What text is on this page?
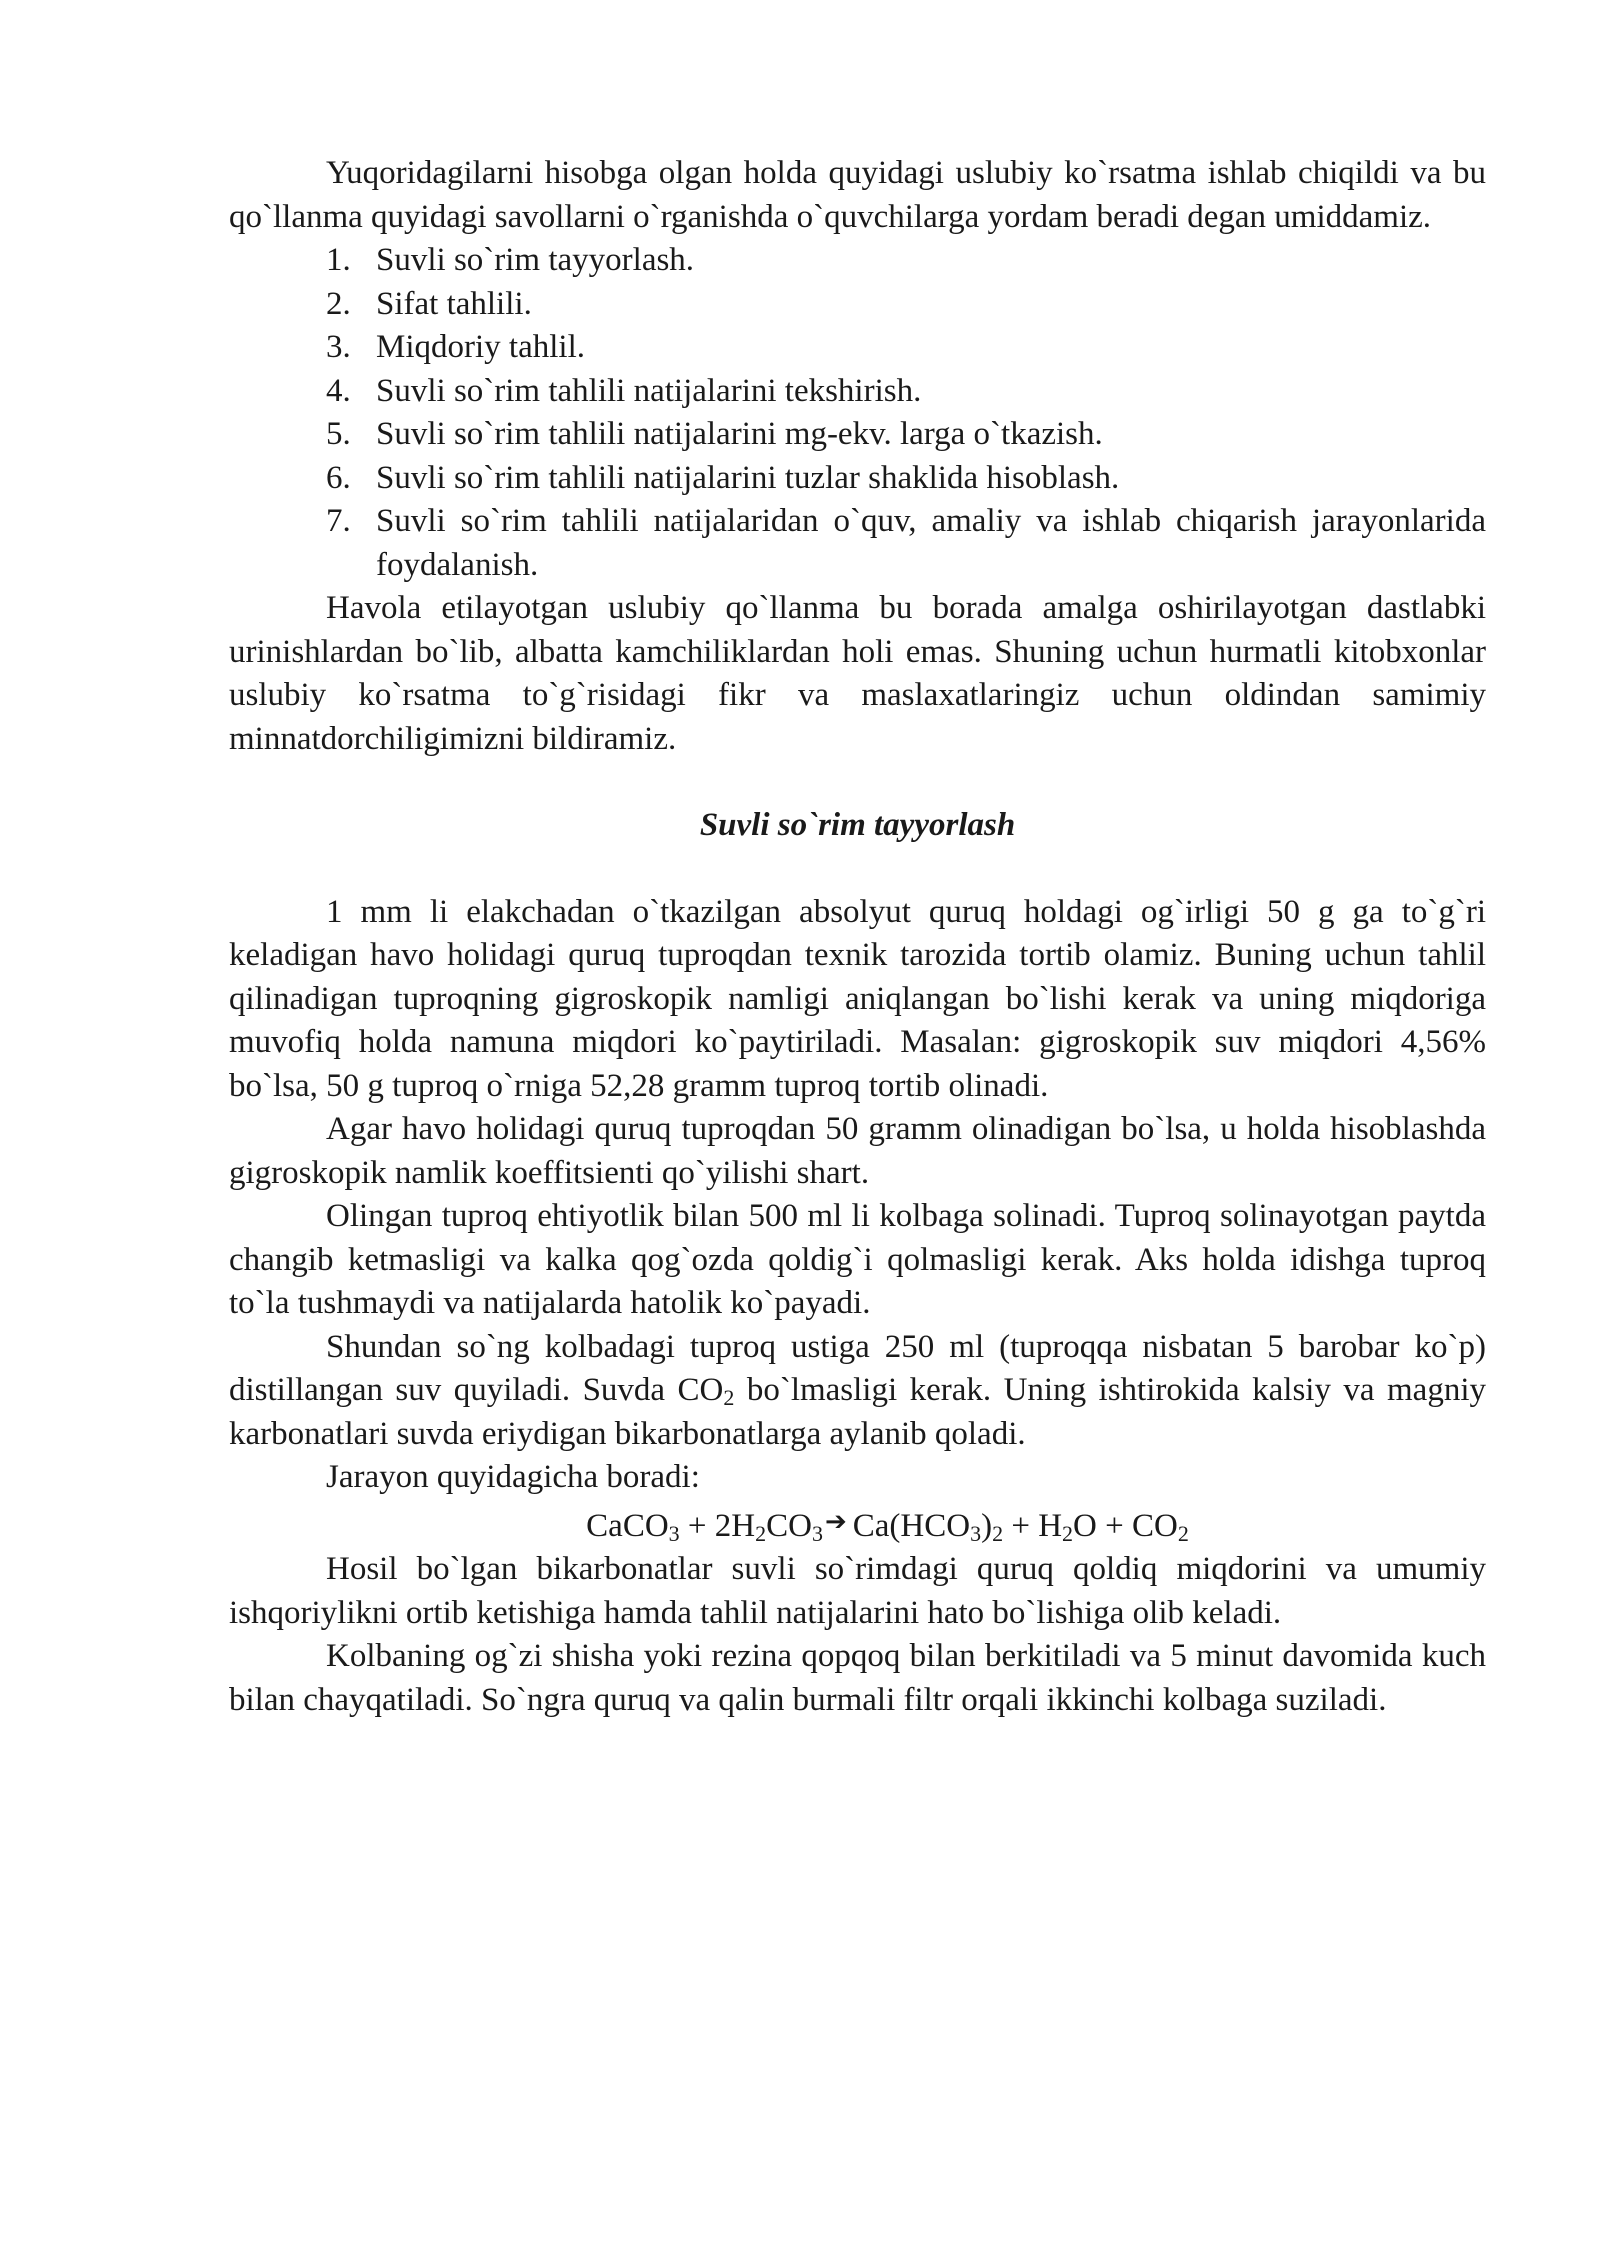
Yuqoridagilarni hisobga olgan holda quyidagi uslubiy ko`rsatma ishlab chiqildi va bu qo`llanma quyidagi savollarni o`rganishda o`quvchilarga yordam beradi degan umiddamiz.

1. Suvli so`rim tayyorlash.
2. Sifat tahlili.
3. Miqdoriy tahlil.
4. Suvli so`rim tahlili natijalarini tekshirish.
5. Suvli so`rim tahlili natijalarini mg-ekv. larga o`tkazish.
6. Suvli so`rim tahlili natijalarini tuzlar shaklida hisoblash.
7. Suvli so`rim tahlili natijalaridan o`quv, amaliy va ishlab chiqarish jarayonlarida foydalanish.

Havola etilayotgan uslubiy qo`llanma bu borada amalga oshirilayotgan dastlabki urinishlardan bo`lib, albatta kamchiliklardan holi emas. Shuning uchun hurmatli kitobxonlar uslubiy ko`rsatma to`g`risidagi fikr va maslaxatlaringiz uchun oldindan samimiy minnatdorchiligimizni bildiramiz.

Suvli so`rim tayyorlash

1 mm li elakchadan o`tkazilgan absolyut quruq holdagi og`irligi 50 g ga to`g`ri keladigan havo holidagi quruq tuproqdan texnik tarozida tortib olamiz. Buning uchun tahlil qilinadigan tuproqning gigroskopik namligi aniqlangan bo`lishi kerak va uning miqdoriga muvofiq holda namuna miqdori ko`paytiriladi. Masalan: gigroskopik suv miqdori 4,56% bo`lsa, 50 g tuproq o`rniga 52,28 gramm tuproq tortib olinadi.

Agar havo holidagi quruq tuproqdan 50 gramm olinadigan bo`lsa, u holda hisoblashda gigroskopik namlik koeffitsienti qo`yilishi shart.

Olingan tuproq ehtiyotlik bilan 500 ml li kolbaga solinadi. Tuproq solinayotgan paytda changib ketmasligi va kalka qog`ozda qoldig`i qolmasligi kerak. Aks holda idishga tuproq to`la tushmaydi va natijalarda hatolik ko`payadi.

Shundan so`ng kolbadagi tuproq ustiga 250 ml (tuproqqa nisbatan 5 barobar ko`p) distillangan suv quyiladi. Suvda $CO_2$ bo`lmasligi kerak. Uning ishtirokida kalsiy va magniy karbonatlari suvda eriydigan bikarbonatlarga aylanib qoladi.

Jarayon quyidagicha boradi:

CaCO$_3$ + $2H_2CO_3➔$ $Ca(HCO_3)_2 + H_2O + CO_2$

Hosil bo`lgan bikarbonatlar suvli so`rimdagi quruq qoldiq miqdorini va umumiy ishqoriylikni ortib ketishiga hamda tahlil natijalarini hato bo`lishiga olib keladi.

Kolbaning og`zi shisha yoki rezina qopqoq bilan berkitiladi va 5 minut davomida kuch bilan chayqatiladi. So`ngra quruq va qalin burmali filtr orqali ikkinchi kolbaga suziladi.
